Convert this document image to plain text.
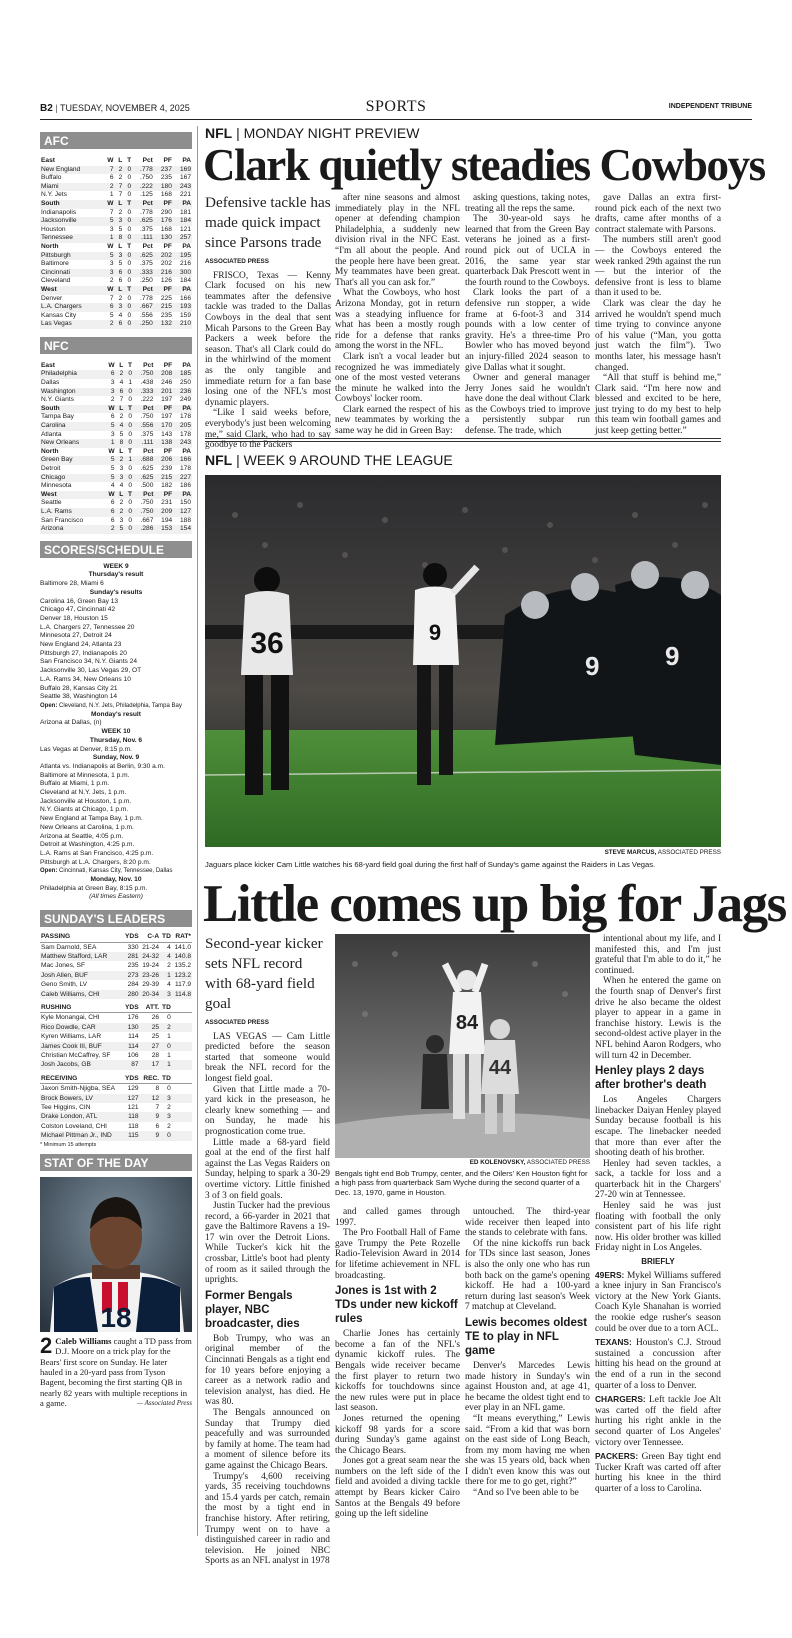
B2 | TUESDAY, NOVEMBER 4, 2025	SPORTS	INDEPENDENT TRIBUNE
AFC
East	W	L	T	Pct	PF	PA
New England	7	2	0	.778	237	169
Buffalo	6	2	0	.750	235	167
Miami	2	7	0	.222	180	243
N.Y. Jets	1	7	0	.125	168	221
South	W	L	T	Pct	PF	PA
Indianapolis	7	2	0	.778	290	181
Jacksonville	5	3	0	.625	176	184
Houston	3	5	0	.375	168	121
Tennessee	1	8	0	.111	130	257
North	W	L	T	Pct	PF	PA
Pittsburgh	5	3	0	.625	202	195
Baltimore	3	5	0	.375	202	216
Cincinnati	3	6	0	.333	216	300
Cleveland	2	6	0	.250	126	184
West	W	L	T	Pct	PF	PA
Denver	7	2	0	.778	225	166
L.A. Chargers	6	3	0	.667	215	193
Kansas City	5	4	0	.556	235	159
Las Vegas	2	6	0	.250	132	210
NFC
East	W	L	T	Pct	PF	PA
Philadelphia	6	2	0	.750	208	185
Dallas	3	4	1	.438	246	250
Washington	3	6	0	.333	201	236
N.Y. Giants	2	7	0	.222	197	249
South	W	L	T	Pct	PF	PA
Tampa Bay	6	2	0	.750	197	178
Carolina	5	4	0	.556	170	205
Atlanta	3	5	0	.375	143	178
New Orleans	1	8	0	.111	138	243
North	W	L	T	Pct	PF	PA
Green Bay	5	2	1	.688	206	166
Detroit	5	3	0	.625	239	178
Chicago	5	3	0	.625	215	227
Minnesota	4	4	0	.500	182	186
West	W	L	T	Pct	PF	PA
Seattle	6	2	0	.750	231	150
L.A. Rams	6	2	0	.750	209	127
San Francisco	6	3	0	.667	194	188
Arizona	2	5	0	.286	153	154
SCORES/SCHEDULE
WEEK 9
Thursday's result
Baltimore 28, Miami 6
Sunday's results
Carolina 16, Green Bay 13
Chicago 47, Cincinnati 42
Denver 18, Houston 15
L.A. Chargers 27, Tennessee 20
Minnesota 27, Detroit 24
New England 24, Atlanta 23
Pittsburgh 27, Indianapolis 20
San Francisco 34, N.Y. Giants 24
Jacksonville 30, Las Vegas 29, OT
L.A. Rams 34, New Orleans 10
Buffalo 28, Kansas City 21
Seattle 38, Washington 14
Open: Cleveland, N.Y. Jets, Philadelphia, Tampa Bay
Monday's result
Arizona at Dallas, (n)
WEEK 10
Thursday, Nov. 6
Las Vegas at Denver, 8:15 p.m.
Sunday, Nov. 9
Atlanta vs. Indianapolis at Berlin, 9:30 a.m.
Baltimore at Minnesota, 1 p.m.
Buffalo at Miami, 1 p.m.
Cleveland at N.Y. Jets, 1 p.m.
Jacksonville at Houston, 1 p.m.
N.Y. Giants at Chicago, 1 p.m.
New England at Tampa Bay, 1 p.m.
New Orleans at Carolina, 1 p.m.
Arizona at Seattle, 4:05 p.m.
Detroit at Washington, 4:25 p.m.
L.A. Rams at San Francisco, 4:25 p.m.
Pittsburgh at L.A. Chargers, 8:20 p.m.
Open: Cincinnati, Kansas City, Tennessee, Dallas
Monday, Nov. 10
Philadelphia at Green Bay, 8:15 p.m.
(All times Eastern)
SUNDAY'S LEADERS
PASSING	YDS	C-A	TD	RAT*
Sam Darnold, SEA	330	21-24	4	141.0
Matthew Stafford, LAR	281	24-32	4	140.8
Mac Jones, SF	235	19-24	2	135.2
Josh Allen, BUF	273	23-26	1	123.2
Geno Smith, LV	284	29-39	4	117.9
Caleb Williams, CHI	280	20-34	3	114.8

RUSHING	YDS	ATT.	TD	
Kyle Monangai, CHI	176	26	0	
Rico Dowdle, CAR	130	25	2	
Kyren Williams, LAR	114	25	1	
James Cook III, BUF	114	27	0	
Christian McCaffrey, SF	106	28	1	
Josh Jacobs, GB	87	17	1	

RECEIVING	YDS	REC.	TD	
Jaxon Smith-Njigba, SEA	129	8	0	
Brock Bowers, LV	127	12	3	
Tee Higgins, CIN	121	7	2	
Drake London, ATL	118	9	3	
Colston Loveland, CHI	118	6	2	
Michael Pittman Jr., IND	115	9	0	
* Minimum 15 attempts
STAT OF THE DAY
18
2 Caleb Williams caught a TD pass from D.J. Moore on a trick play for the Bears' first score on Sunday. He later hauled in a 20-yard pass from Tyson Bagent, becoming the first starting QB in nearly 82 years with multiple receptions in a game.	— Associated Press
NFL | MONDAY NIGHT PREVIEW
Clark quietly steadies Cowboys
Defensive tackle has made quick impact since Parsons trade
ASSOCIATED PRESS

FRISCO, Texas — Kenny Clark focused on his new teammates after the defensive tackle was traded to the Dallas Cowboys in the deal that sent Micah Parsons to the Green Bay Packers a week before the season. That's all Clark could do in the whirlwind of the moment as the only tangible and immediate return for a fan base losing one of the NFL's most dynamic players.

“Like I said weeks before, everybody's just been welcoming me,” said Clark, who had to say goodbye to the Packers

after nine seasons and almost immediately play in the NFL opener at defending champion Philadelphia, a suddenly new division rival in the NFC East. “I'm all about the people. And the people here have been great. My teammates have been great. That's all you can ask for.”

What the Cowboys, who host Arizona Monday, got in return was a steadying influence for what has been a mostly rough ride for a defense that ranks among the worst in the NFL.

Clark isn't a vocal leader but recognized he was immediately one of the most vested veterans the minute he walked into the Cowboys' locker room.

Clark earned the respect of his new teammates by working the same way he did in Green Bay:

asking questions, taking notes, treating all the reps the same.

The 30-year-old says he learned that from the Green Bay veterans he joined as a first-round pick out of UCLA in 2016, the same year star quarterback Dak Prescott went in the fourth round to the Cowboys.

Clark looks the part of a defensive run stopper, a wide frame at 6-foot-3 and 314 pounds with a low center of gravity. He's a three-time Pro Bowler who has moved beyond an injury-filled 2024 season to give Dallas what it sought.

Owner and general manager Jerry Jones said he wouldn't have done the deal without Clark as the Cowboys tried to improve a persistently subpar run defense. The trade, which

gave Dallas an extra first-round pick each of the next two drafts, came after months of a contract stalemate with Parsons.

The numbers still aren't good — the Cowboys entered the week ranked 29th against the run — but the interior of the defensive front is less to blame than it used to be.

Clark was clear the day he arrived he wouldn't spend much time trying to convince anyone of his value (“Man, you gotta just watch the film”). Two months later, his message hasn't changed.

“All that stuff is behind me,” Clark said. “I'm here now and blessed and excited to be here, just trying to do my best to help this team win football games and just keep getting better.”

NFL | WEEK 9 AROUND THE LEAGUE
36	9
9	9
STEVE MARCUS, ASSOCIATED PRESS
Jaguars place kicker Cam Little watches his 68-yard field goal during the first half of Sunday's game against the Raiders in Las Vegas.
Little comes up big for Jags
Second-year kicker sets NFL record with 68-yard field goal
ASSOCIATED PRESS

LAS VEGAS — Cam Little predicted before the season started that someone would break the NFL record for the longest field goal.

Given that Little made a 70-yard kick in the preseason, he clearly knew something — and on Sunday, he made his prognostication come true.

Little made a 68-yard field goal at the end of the first half against the Las Vegas Raiders on Sunday, helping to spark a 30-29 overtime victory. Little finished 3 of 3 on field goals.

Justin Tucker had the previous record, a 66-yarder in 2021 that gave the Baltimore Ravens a 19-17 win over the Detroit Lions. While Tucker's kick hit the crossbar, Little's boot had plenty of room as it sailed through the uprights.

Former Bengals player, NBC broadcaster, dies

Bob Trumpy, who was an original member of the Cincinnati Bengals as a tight end for 10 years before enjoying a career as a network radio and television analyst, has died. He was 80.

The Bengals announced on Sunday that Trumpy died peacefully and was surrounded by family at home. The team had a moment of silence before its game against the Chicago Bears.

Trumpy's 4,600 receiving yards, 35 receiving touchdowns and 15.4 yards per catch, remain the most by a tight end in franchise history. After retiring, Trumpy went on to have a distinguished career in radio and television. He joined NBC Sports as an NFL analyst in 1978

84
44
ED KOLENOVSKY, ASSOCIATED PRESS
Bengals tight end Bob Trumpy, center, and the Oilers' Ken Houston fight for a high pass from quarterback Sam Wyche during the second quarter of a Dec. 13, 1970, game in Houston.

and called games through 1997.

The Pro Football Hall of Fame gave Trumpy the Pete Rozelle Radio-Television Award in 2014 for lifetime achievement in NFL broadcasting.

Jones is 1st with 2 TDs under new kickoff rules

Charlie Jones has certainly become a fan of the NFL's dynamic kickoff rules. The Bengals wide receiver became the first player to return two kickoffs for touchdowns since the new rules were put in place last season.

Jones returned the opening kickoff 98 yards for a score during Sunday's game against the Chicago Bears.

Jones got a great seam near the numbers on the left side of the field and avoided a diving tackle attempt by Bears kicker Cairo Santos at the Bengals 49 before going up the left sideline

untouched. The third-year wide receiver then leaped into the stands to celebrate with fans.

Of the nine kickoffs run back for TDs since last season, Jones is also the only one who has run both back on the game's opening kickoff. He had a 100-yard return during last season's Week 7 matchup at Cleveland.

Lewis becomes oldest TE to play in NFL game

Denver's Marcedes Lewis made history in Sunday's win against Houston and, at age 41, he became the oldest tight end to ever play in an NFL game.

“It means everything,” Lewis said. “From a kid that was born on the east side of Long Beach, from my mom having me when she was 15 years old, back when I didn't even know this was out there for me to go get, right?”

“And so I've been able to be

intentional about my life, and I manifested this, and I'm just grateful that I'm able to do it,” he continued.

When he entered the game on the fourth snap of Denver's first drive he also became the oldest player to appear in a game in franchise history. Lewis is the second-oldest active player in the NFL behind Aaron Rodgers, who will turn 42 in December.

Henley plays 2 days after brother's death

Los Angeles Chargers linebacker Daiyan Henley played Sunday because football is his escape. The linebacker needed that more than ever after the shooting death of his brother.

Henley had seven tackles, a sack, a tackle for loss and a quarterback hit in the Chargers' 27-20 win at Tennessee.

Henley said he was just floating with football the only consistent part of his life right now. His older brother was killed Friday night in Los Angeles.

BRIEFLY

49ERS: Mykel Williams suffered a knee injury in San Francisco's victory at the New York Giants. Coach Kyle Shanahan is worried the rookie edge rusher's season could be over due to a torn ACL.

TEXANS: Houston's C.J. Stroud sustained a concussion after hitting his head on the ground at the end of a run in the second quarter of a loss to Denver.

CHARGERS: Left tackle Joe Alt was carted off the field after hurting his right ankle in the second quarter of Los Angeles' victory over Tennessee.

PACKERS: Green Bay tight end Tucker Kraft was carted off after hurting his knee in the third quarter of a loss to Carolina.
